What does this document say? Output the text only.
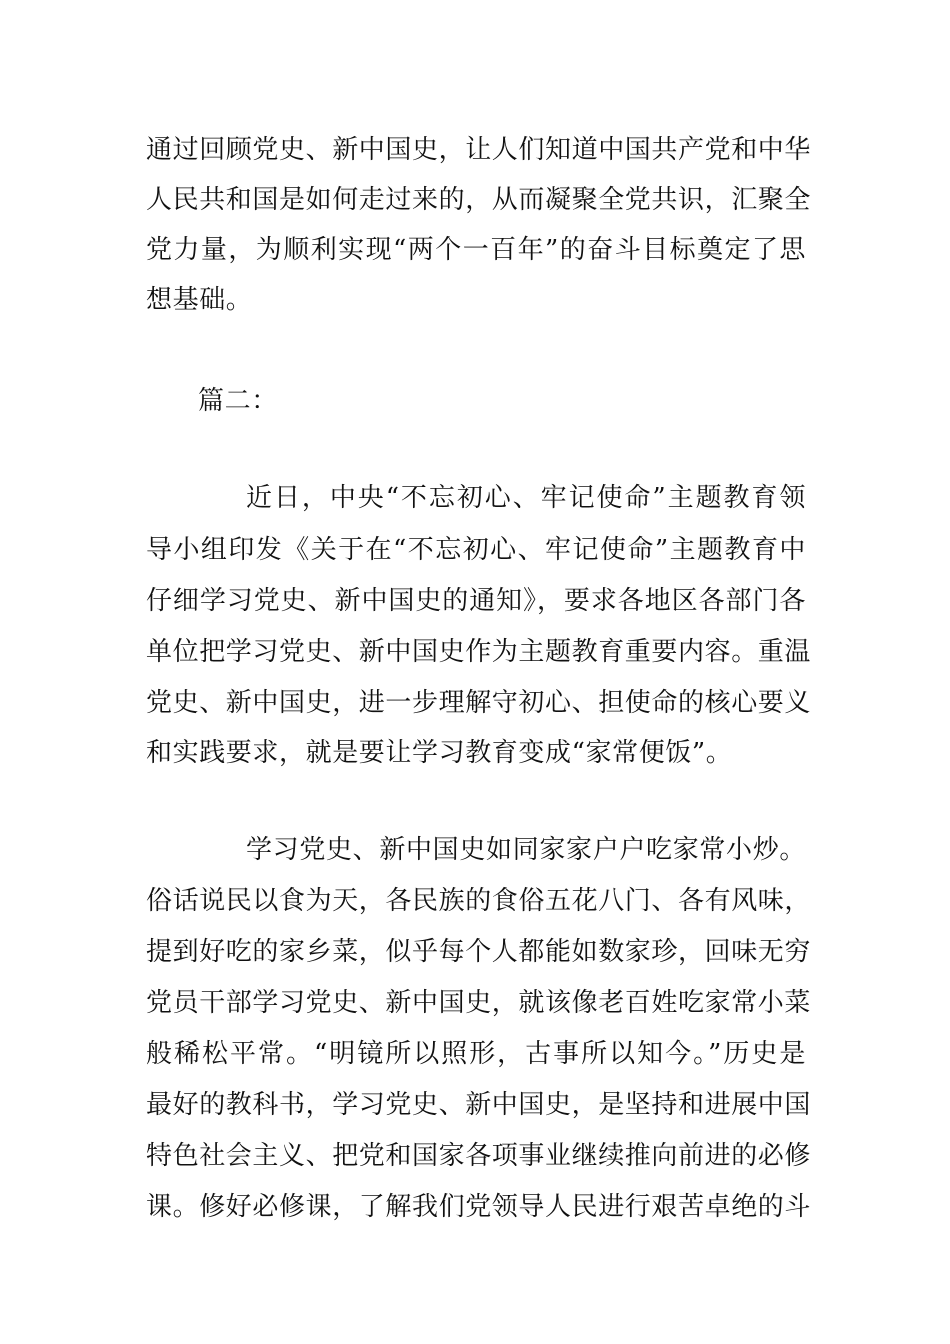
通过回顾党史、新中国史，让人们知道中国共产党和中华
人民共和国是如何走过来的，从而凝聚全党共识，汇聚全
党力量，为顺利实现“两个一百年”的奋斗目标奠定了思
想基础。
篇二：
近日，中央“不忘初心、牢记使命”主题教育领
导小组印发《关于在“不忘初心、牢记使命”主题教育中
仔细学习党史、新中国史的通知》，要求各地区各部门各
单位把学习党史、新中国史作为主题教育重要内容。重温
党史、新中国史，进一步理解守初心、担使命的核心要义
和实践要求，就是要让学习教育变成“家常便饭”。
学习党史、新中国史如同家家户户吃家常小炒。
俗话说民以食为天，各民族的食俗五花八门、各有风味，
提到好吃的家乡菜，似乎每个人都能如数家珍，回味无穷
党员干部学习党史、新中国史，就该像老百姓吃家常小菜
般稀松平常。“明镜所以照形，古事所以知今。”历史是
最好的教科书，学习党史、新中国史，是坚持和进展中国
特色社会主义、把党和国家各项事业继续推向前进的必修
课。修好必修课，了解我们党领导人民进行艰苦卓绝的斗
